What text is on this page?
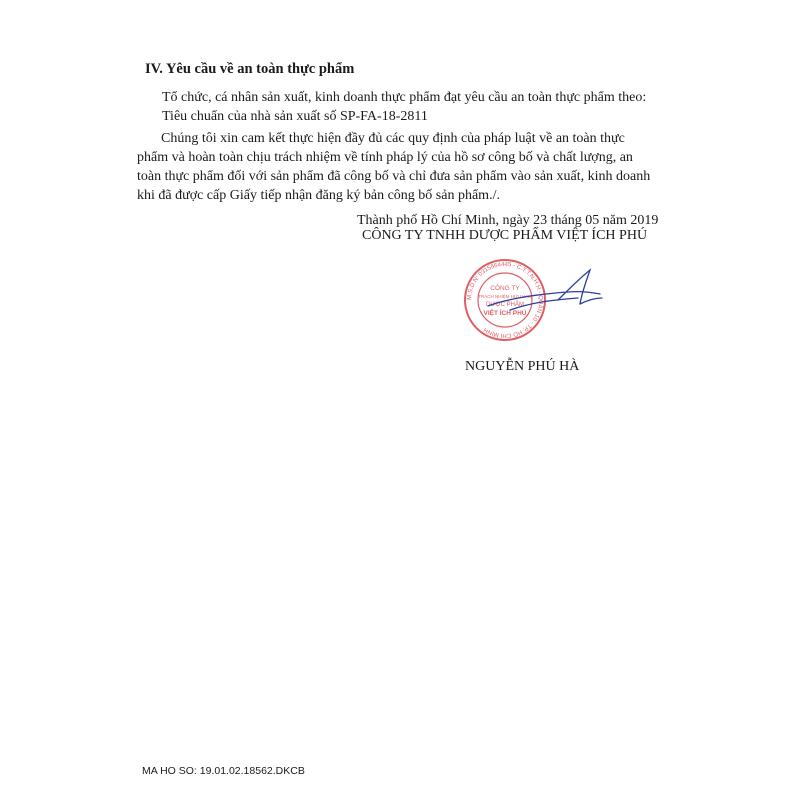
IV. Yêu cầu về an toàn thực phẩm
Tổ chức, cá nhân sản xuất, kinh doanh thực phẩm đạt yêu cầu an toàn thực phẩm theo:
Tiêu chuẩn của nhà sản xuất số SP-FA-18-2811
Chúng tôi xin cam kết thực hiện đầy đủ các quy định của pháp luật về an toàn thực phẩm và hoàn toàn chịu trách nhiệm về tính pháp lý của hồ sơ công bố và chất lượng, an toàn thực phẩm đối với sản phẩm đã công bố và chỉ đưa sản phẩm vào sản xuất, kinh doanh khi đã được cấp Giấy tiếp nhận đăng ký bản công bố sản phẩm./.
Thành phố Hồ Chí Minh, ngày 23 tháng 05 năm 2019
CÔNG TY TNHH DƯỢC PHẨM VIỆT ÍCH PHÚ
M.S.D.N: 0315564445 - C.T.T.N.H.H - QUẬN 10 - TP. HỒ CHÍ MINH
CÔNG TY
TRÁCH NHIỆM HỮU HẠN
DƯỢC PHẨM
VIỆT ÍCH PHÚ
NGUYỄN PHÚ HÀ
MA HO SO: 19.01.02.18562.DKCB
